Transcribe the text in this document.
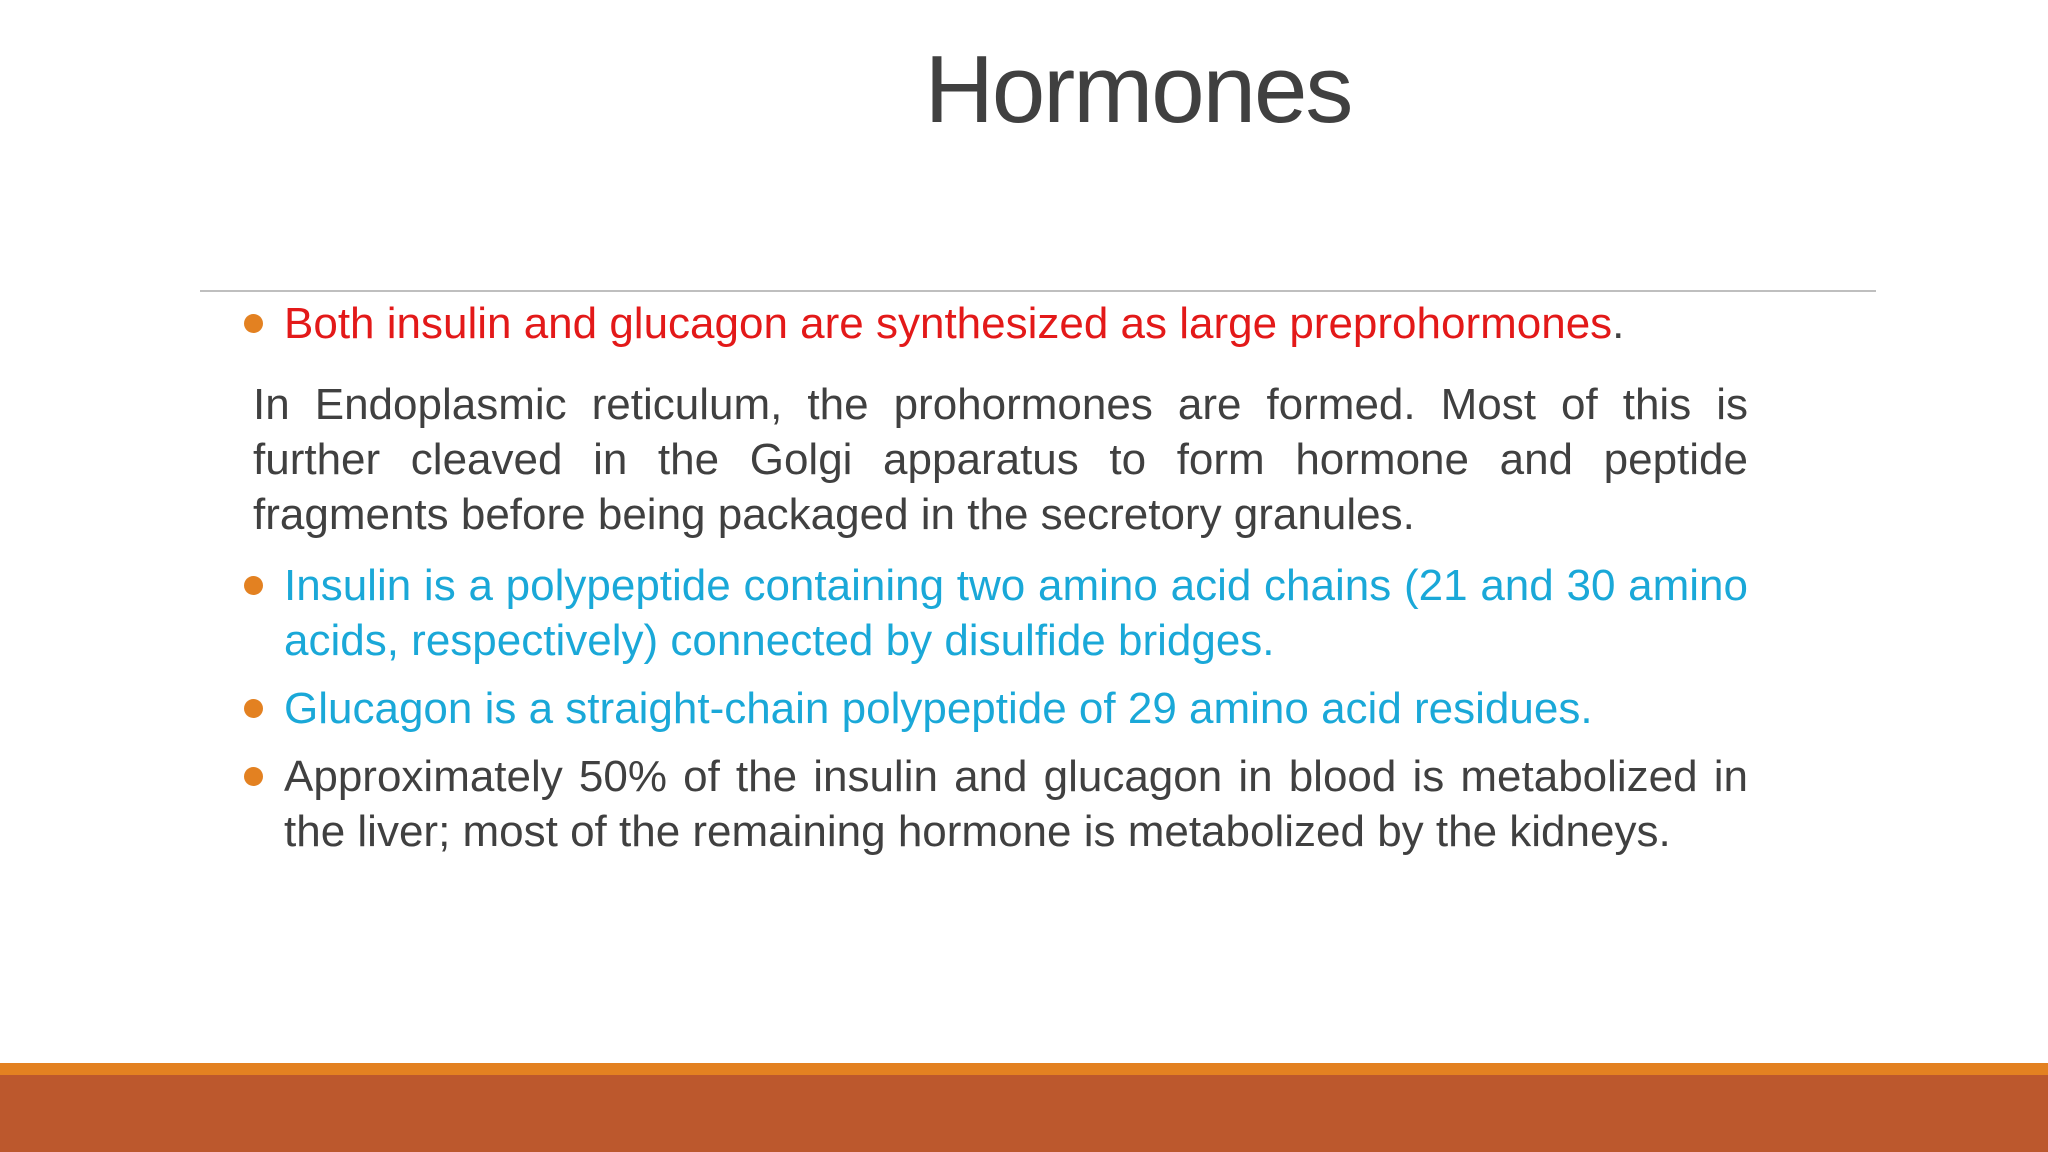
Hormones
Both insulin and glucagon are synthesized as large preprohormones.
In Endoplasmic reticulum, the prohormones are formed. Most of this is further cleaved in the Golgi apparatus to form hormone and peptide fragments before being packaged in the secretory granules.
Insulin is a polypeptide containing two amino acid chains (21 and 30 amino acids, respectively) connected by disulfide bridges.
Glucagon is a straight-chain polypeptide of 29 amino acid residues.
Approximately 50% of the insulin and glucagon in blood is metabolized in the liver; most of the remaining hormone is metabolized by the kidneys.
